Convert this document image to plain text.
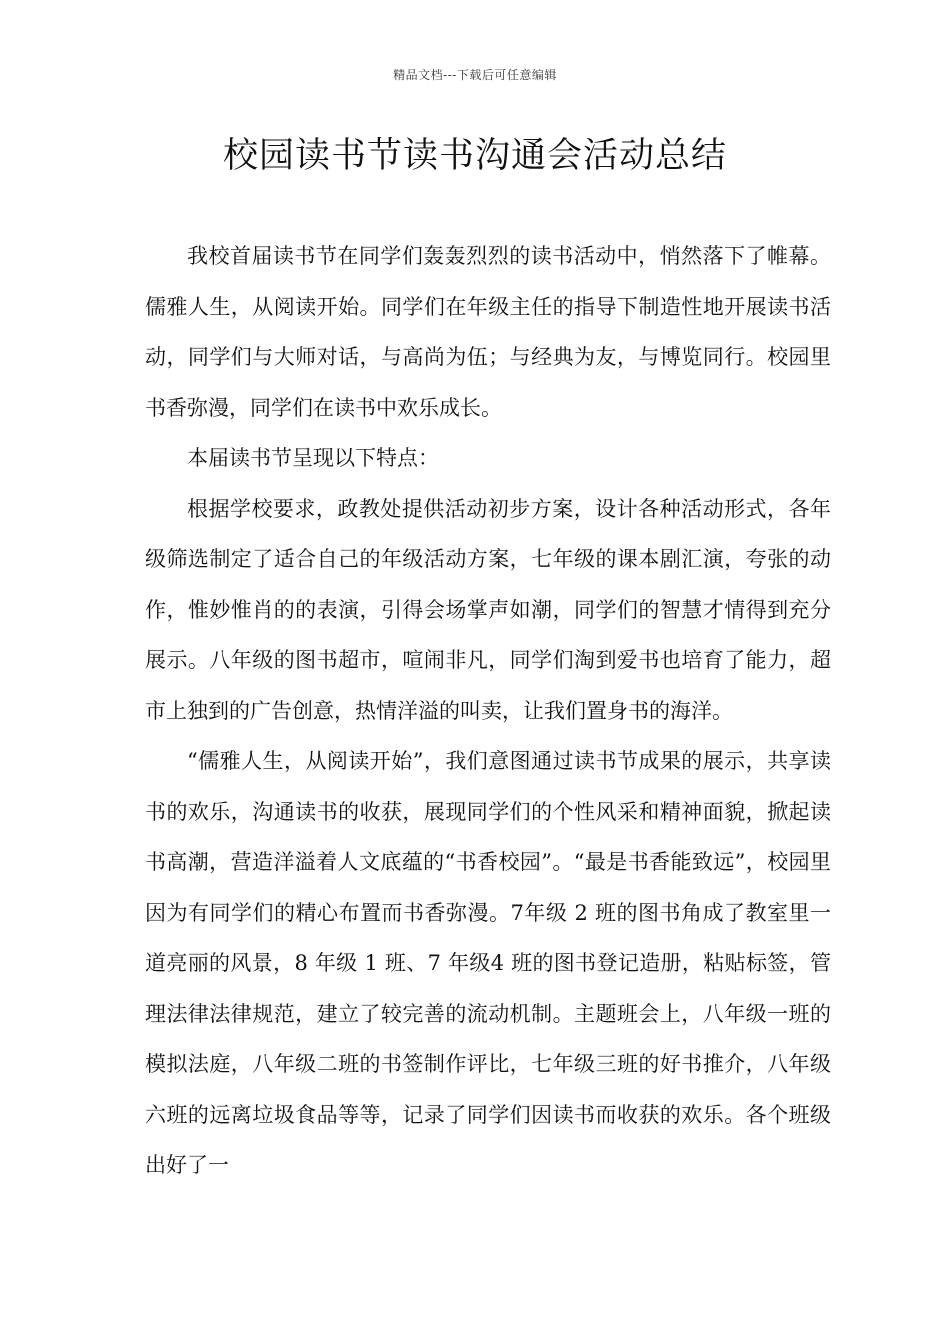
精品文档---下载后可任意编辑
校园读书节读书沟通会活动总结

我校首届读书节在同学们轰轰烈烈的读书活动中，悄然落下了帷幕。儒雅人生，从阅读开始。同学们在年级主任的指导下制造性地开展读书活动，同学们与大师对话，与高尚为伍；与经典为友，与博览同行。校园里书香弥漫，同学们在读书中欢乐成长。

本届读书节呈现以下特点：

根据学校要求，政教处提供活动初步方案，设计各种活动形式，各年级筛选制定了适合自己的年级活动方案，七年级的课本剧汇演，夸张的动作，惟妙惟肖的的表演，引得会场掌声如潮，同学们的智慧才情得到充分展示。八年级的图书超市，喧闹非凡，同学们淘到爱书也培育了能力，超市上独到的广告创意，热情洋溢的叫卖，让我们置身书的海洋。

“儒雅人生，从阅读开始”，我们意图通过读书节成果的展示，共享读书的欢乐，沟通读书的收获，展现同学们的个性风采和精神面貌，掀起读书高潮，营造洋溢着人文底蕴的“书香校园”。“最是书香能致远”，校园里因为有同学们的精心布置而书香弥漫。7年级 2 班的图书角成了教室里一道亮丽的风景，8 年级 1 班、7 年级4 班的图书登记造册，粘贴标签，管理法律法律规范，建立了较完善的流动机制。主题班会上，八年级一班的模拟法庭，八年级二班的书签制作评比，七年级三班的好书推介，八年级六班的远离垃圾食品等等，记录了同学们因读书而收获的欢乐。各个班级出好了一
